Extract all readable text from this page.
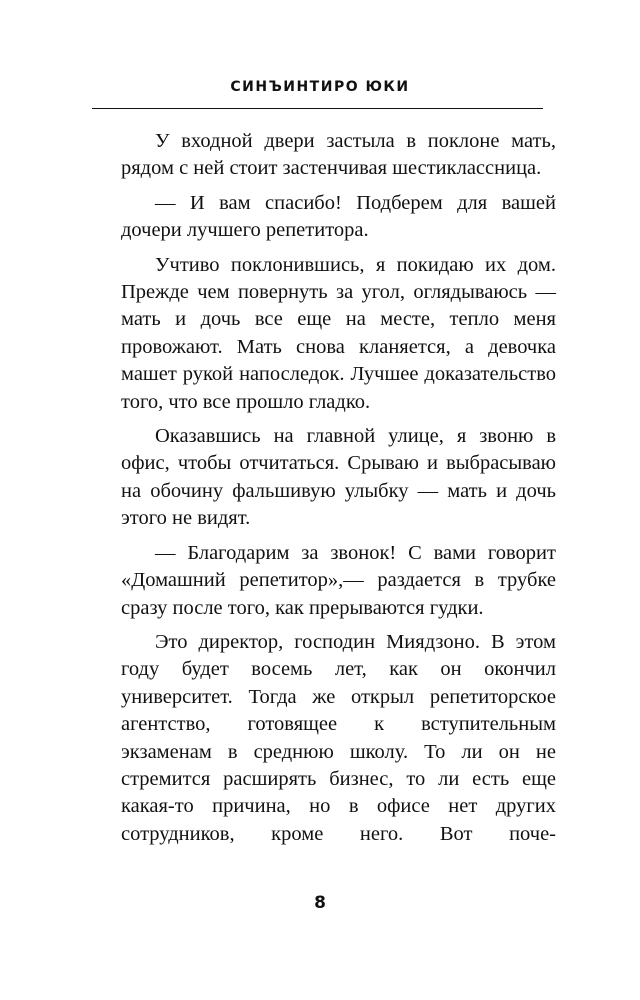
СИНЪИНТИРО ЮКИ

У входной двери застыла в поклоне мать, рядом с ней стоит застенчивая шестиклассница.

— И вам спасибо! Подберем для вашей дочери лучшего репетитора.

Учтиво поклонившись, я покидаю их дом. Прежде чем повернуть за угол, оглядываюсь — мать и дочь все еще на месте, тепло меня провожают. Мать снова кланяется, а девочка машет рукой напоследок. Лучшее доказательство того, что все прошло гладко.

Оказавшись на главной улице, я звоню в офис, чтобы отчитаться. Срываю и выбрасываю на обочину фальшивую улыбку — мать и дочь этого не видят.

— Благодарим за звонок! С вами говорит «Домашний репетитор»,— раздается в трубке сразу после того, как прерываются гудки.

Это директор, господин Миядзоно. В этом году будет восемь лет, как он окончил университет. Тогда же открыл репетиторское агентство, готовящее к вступительным экзаменам в среднюю школу. То ли он не стремится расширять бизнес, то ли есть еще какая-то причина, но в офисе нет других сотрудников, кроме него. Вот поче-

8
